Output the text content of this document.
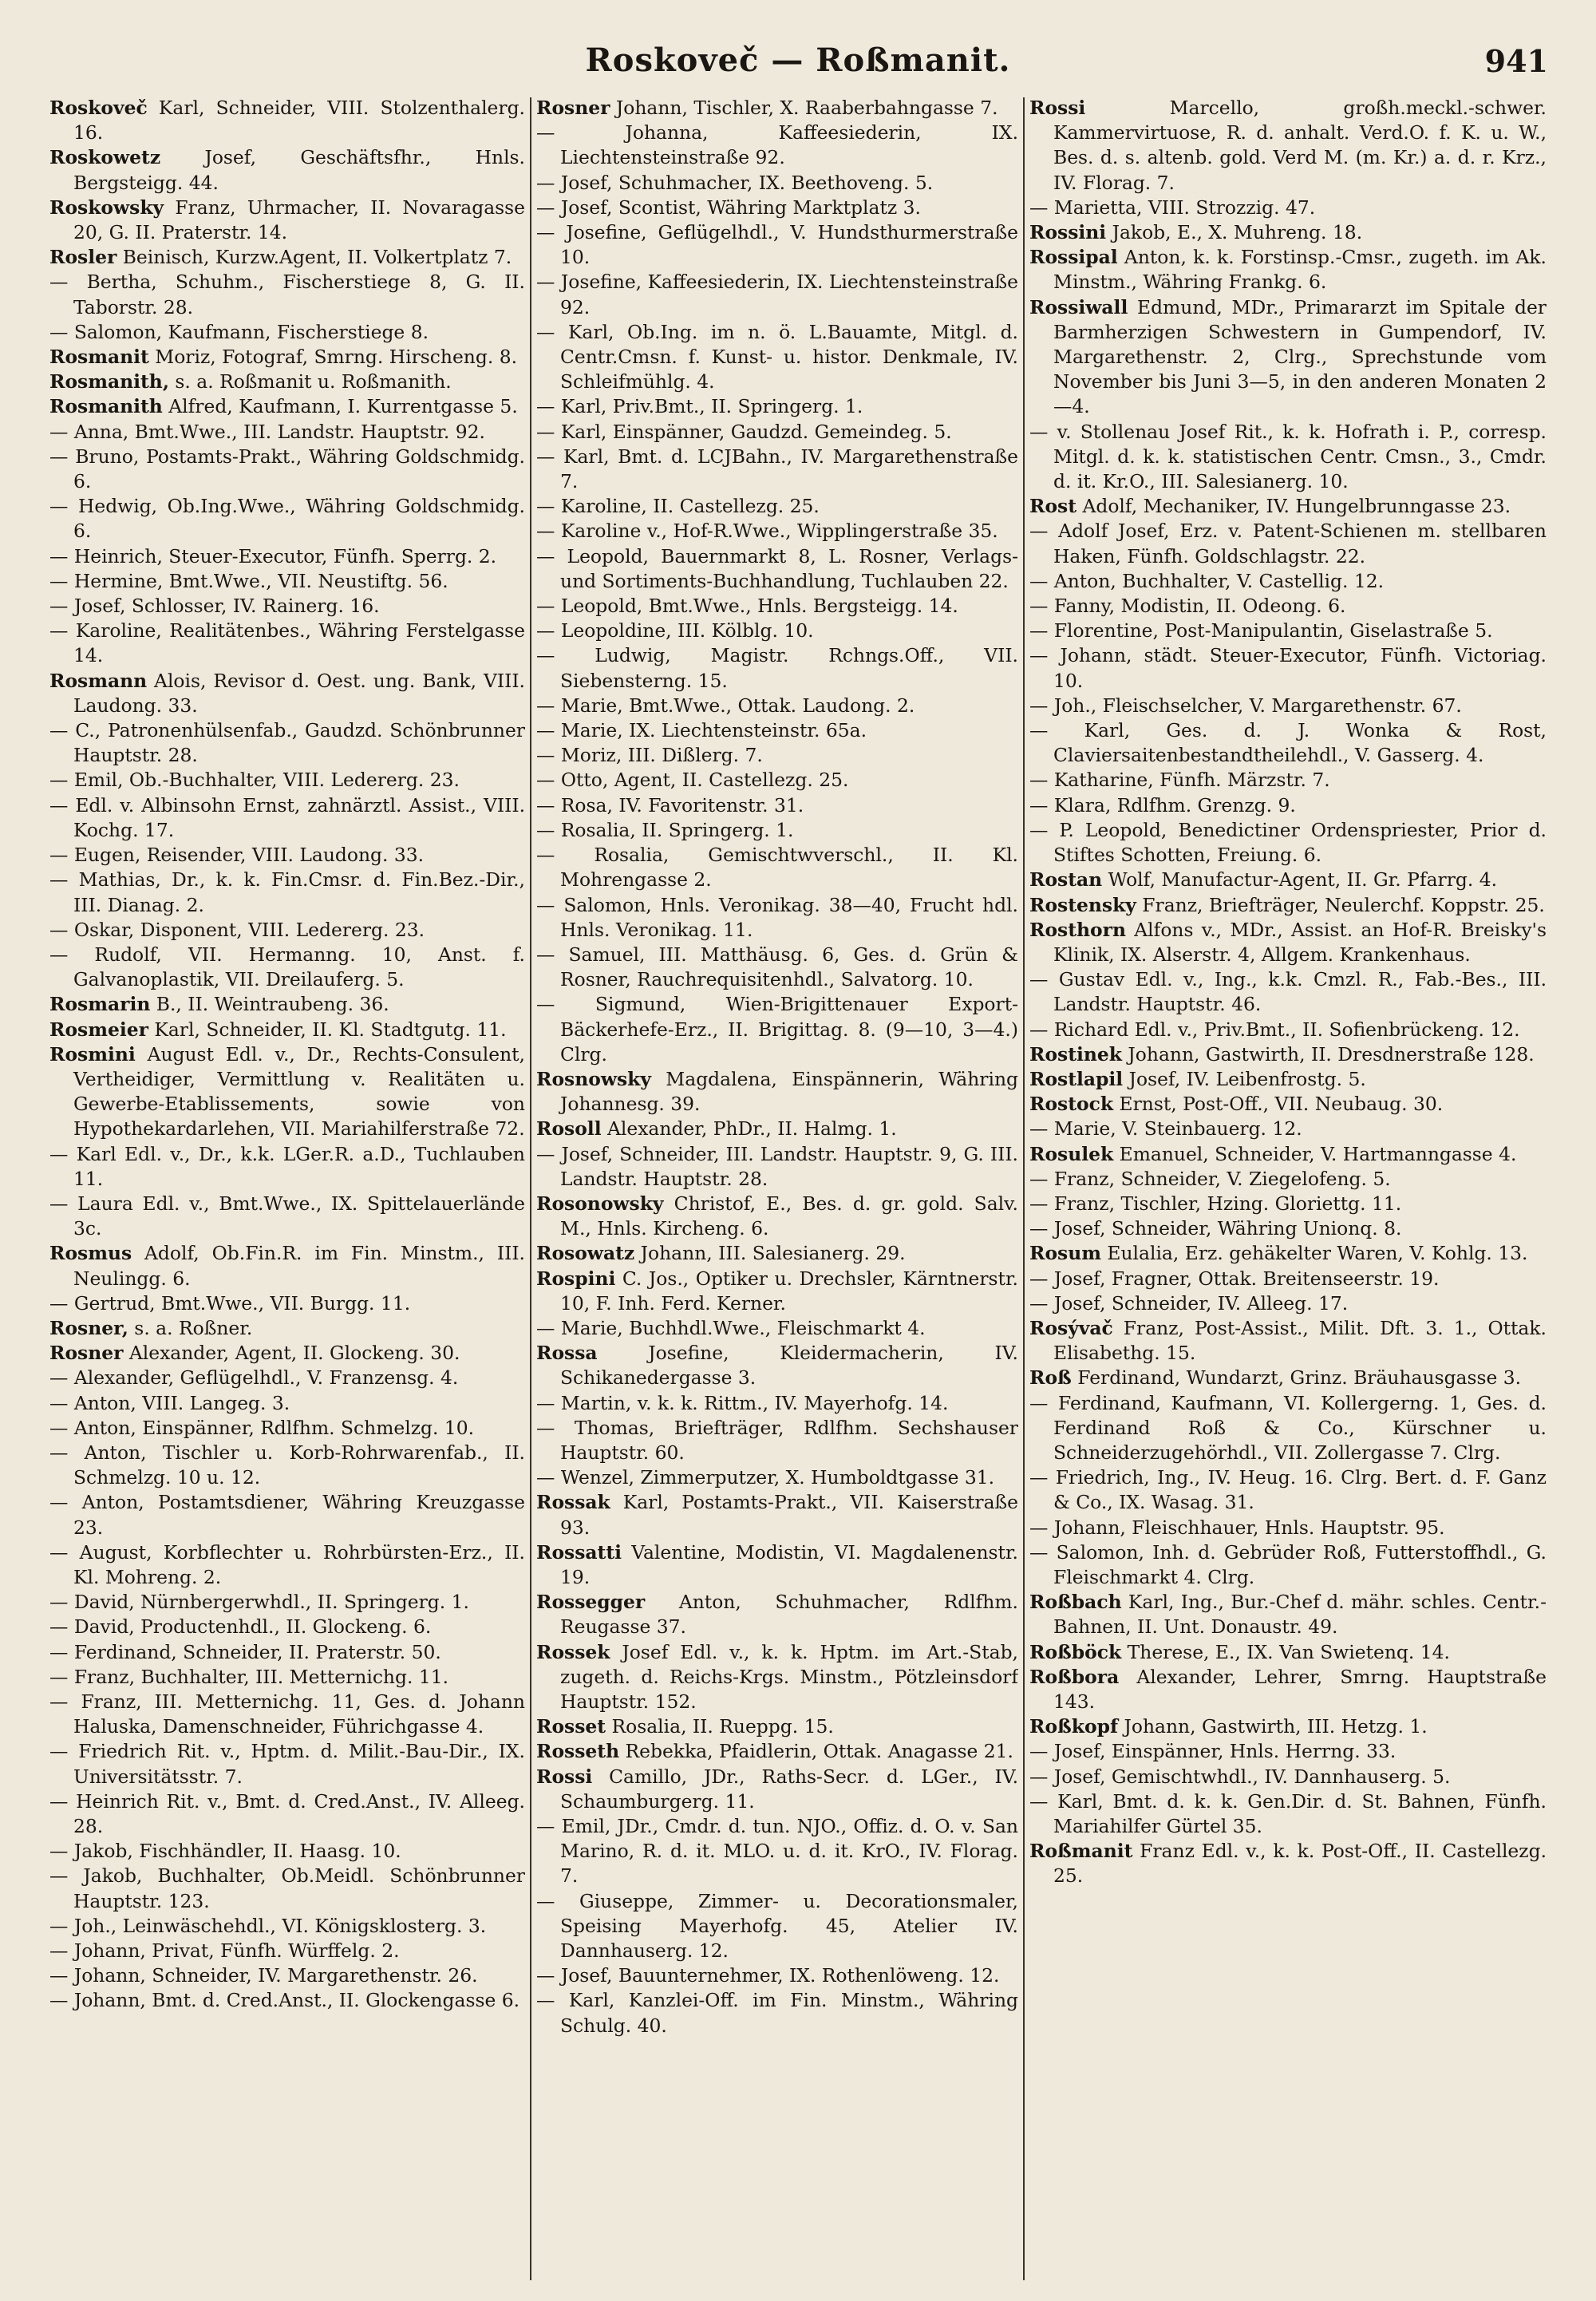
Roskoveč — Roßmanit.	941
Roskoveč Karl, Schneider, VIII. Stolzenthalerg. 16.
Roskowetz Josef, Geschäftsfhr., Hnls. Bergsteigg. 44.
Roskowsky Franz, Uhrmacher, II. Novaragasse 20, G. II. Praterstr. 14.
Rosler Beinisch, Kurzw.Agent, II. Volkertplatz 7.
— Bertha, Schuhm., Fischerstiege 8, G. II. Taborstr. 28.
— Salomon, Kaufmann, Fischerstiege 8.
Rosmanit Moriz, Fotograf, Smrng. Hirscheng. 8.
Rosmanith, s. a. Roßmanit u. Roßmanith.
Rosmanith Alfred, Kaufmann, I. Kurrentgasse 5.
— Anna, Bmt.Wwe., III. Landstr. Hauptstr. 92.
— Bruno, Postamts-Prakt., Währing Goldschmidg. 6.
— Hedwig, Ob.Ing.Wwe., Währing Goldschmidg. 6.
— Heinrich, Steuer-Executor, Fünfh. Sperrg. 2.
— Hermine, Bmt.Wwe., VII. Neustiftg. 56.
— Josef, Schlosser, IV. Rainerg. 16.
— Karoline, Realitätenbes., Währing Ferstelgasse 14.
Rosmann Alois, Revisor d. Oest. ung. Bank, VIII. Laudong. 33.
— C., Patronenhülsenfab., Gaudzd. Schönbrunner Hauptstr. 28.
— Emil, Ob.-Buchhalter, VIII. Ledererg. 23.
— Edl. v. Albinsohn Ernst, zahnärztl. Assist., VIII. Kochg. 17.
— Eugen, Reisender, VIII. Laudong. 33.
— Mathias, Dr., k. k. Fin.Cmsr. d. Fin.Bez.-Dir., III. Dianag. 2.
— Oskar, Disponent, VIII. Ledererg. 23.
— Rudolf, VII. Hermanng. 10, Anst. f. Galvanoplastik, VII. Dreilauferg. 5.
Rosmarin B., II. Weintraubeng. 36.
Rosmeier Karl, Schneider, II. Kl. Stadtgutg. 11.
Rosmini August Edl. v., Dr., Rechts-Consulent, Vertheidiger, Vermittlung v. Realitäten u. Gewerbe-Etablissements, sowie von Hypothekardarlehen, VII. Mariahilferstraße 72.
— Karl Edl. v., Dr., k.k. LGer.R. a.D., Tuchlauben 11.
— Laura Edl. v., Bmt.Wwe., IX. Spittelauerlände 3c.
Rosmus Adolf, Ob.Fin.R. im Fin. Minstm., III. Neulingg. 6.
— Gertrud, Bmt.Wwe., VII. Burgg. 11.
Rosner, s. a. Roßner.
Rosner Alexander, Agent, II. Glockeng. 30.
— Alexander, Geflügelhdl., V. Franzensg. 4.
— Anton, VIII. Langeg. 3.
— Anton, Einspänner, Rdlfhm. Schmelzg. 10.
— Anton, Tischler u. Korb-Rohrwarenfab., II. Schmelzg. 10 u. 12.
— Anton, Postamtsdiener, Währing Kreuzgasse 23.
— August, Korbflechter u. Rohrbürsten-Erz., II. Kl. Mohreng. 2.
— David, Nürnbergerwhdl., II. Springerg. 1.
— David, Productenhdl., II. Glockeng. 6.
— Ferdinand, Schneider, II. Praterstr. 50.
— Franz, Buchhalter, III. Metternichg. 11.
— Franz, III. Metternichg. 11, Ges. d. Johann Haluska, Damenschneider, Führichgasse 4.
— Friedrich Rit. v., Hptm. d. Milit.-Bau-Dir., IX. Universitätsstr. 7.
— Heinrich Rit. v., Bmt. d. Cred.Anst., IV. Alleeg. 28.
— Jakob, Fischhändler, II. Haasg. 10.
— Jakob, Buchhalter, Ob.Meidl. Schönbrunner Hauptstr. 123.
— Joh., Leinwäschehdl., VI. Königsklosterg. 3.
— Johann, Privat, Fünfh. Würffelg. 2.
— Johann, Schneider, IV. Margarethenstr. 26.
— Johann, Bmt. d. Cred.Anst., II. Glockengasse 6.
Rosner Johann, Tischler, X. Raaberbahngasse 7.
— Johanna, Kaffeesiederin, IX. Liechtensteinstraße 92.
— Josef, Schuhmacher, IX. Beethoveng. 5.
— Josef, Scontist, Währing Marktplatz 3.
— Josefine, Geflügelhdl., V. Hundsthurmerstraße 10.
— Josefine, Kaffeesiederin, IX. Liechtensteinstraße 92.
— Karl, Ob.Ing. im n. ö. L.Bauamte, Mitgl. d. Centr.Cmsn. f. Kunst- u. histor. Denkmale, IV. Schleifmühlg. 4.
— Karl, Priv.Bmt., II. Springerg. 1.
— Karl, Einspänner, Gaudzd. Gemeindeg. 5.
— Karl, Bmt. d. LCJBahn., IV. Margarethenstraße 7.
— Karoline, II. Castellezg. 25.
— Karoline v., Hof-R.Wwe., Wipplingerstraße 35.
— Leopold, Bauernmarkt 8, L. Rosner, Verlags- und Sortiments-Buchhandlung, Tuchlauben 22.
— Leopold, Bmt.Wwe., Hnls. Bergsteigg. 14.
— Leopoldine, III. Kölblg. 10.
— Ludwig, Magistr. Rchngs.Off., VII. Siebensterng. 15.
— Marie, Bmt.Wwe., Ottak. Laudong. 2.
— Marie, IX. Liechtensteinstr. 65a.
— Moriz, III. Dißlerg. 7.
— Otto, Agent, II. Castellezg. 25.
— Rosa, IV. Favoritenstr. 31.
— Rosalia, II. Springerg. 1.
— Rosalia, Gemischtwverschl., II. Kl. Mohrengasse 2.
— Salomon, Hnls. Veronikag. 38—40, Frucht hdl. Hnls. Veronikag. 11.
— Samuel, III. Matthäusg. 6, Ges. d. Grün & Rosner, Rauchrequisitenhdl., Salvatorg. 10.
— Sigmund, Wien-Brigittenauer Export-Bäckerhefe-Erz., II. Brigittag. 8. (9—10, 3—4.) Clrg.
Rosnowsky Magdalena, Einspännerin, Währing Johannesg. 39.
Rosoll Alexander, PhDr., II. Halmg. 1.
— Josef, Schneider, III. Landstr. Hauptstr. 9, G. III. Landstr. Hauptstr. 28.
Rosonowsky Christof, E., Bes. d. gr. gold. Salv. M., Hnls. Kircheng. 6.
Rosowatz Johann, III. Salesianerg. 29.
Rospini C. Jos., Optiker u. Drechsler, Kärntnerstr. 10, F. Inh. Ferd. Kerner.
— Marie, Buchhdl.Wwe., Fleischmarkt 4.
Rossa Josefine, Kleidermacherin, IV. Schikanedergasse 3.
— Martin, v. k. k. Rittm., IV. Mayerhofg. 14.
— Thomas, Briefträger, Rdlfhm. Sechshauser Hauptstr. 60.
— Wenzel, Zimmerputzer, X. Humboldtgasse 31.
Rossak Karl, Postamts-Prakt., VII. Kaiserstraße 93.
Rossatti Valentine, Modistin, VI. Magdalenenstr. 19.
Rossegger Anton, Schuhmacher, Rdlfhm. Reugasse 37.
Rossek Josef Edl. v., k. k. Hptm. im Art.-Stab, zugeth. d. Reichs-Krgs. Minstm., Pötzleinsdorf Hauptstr. 152.
Rosset Rosalia, II. Rueppg. 15.
Rosseth Rebekka, Pfaidlerin, Ottak. Anagasse 21.
Rossi Camillo, JDr., Raths-Secr. d. LGer., IV. Schaumburgerg. 11.
— Emil, JDr., Cmdr. d. tun. NJO., Offiz. d. O. v. San Marino, R. d. it. MLO. u. d. it. KrO., IV. Florag. 7.
— Giuseppe, Zimmer- u. Decorationsmaler, Speising Mayerhofg. 45, Atelier IV. Dannhauserg. 12.
— Josef, Bauunternehmer, IX. Rothenlöweng. 12.
— Karl, Kanzlei-Off. im Fin. Minstm., Währing Schulg. 40.
Rossi Marcello, großh.meckl.-schwer. Kammervirtuose, R. d. anhalt. Verd.O. f. K. u. W., Bes. d. s. altenb. gold. Verd M. (m. Kr.) a. d. r. Krz., IV. Florag. 7.
— Marietta, VIII. Strozzig. 47.
Rossini Jakob, E., X. Muhreng. 18.
Rossipal Anton, k. k. Forstinsp.-Cmsr., zugeth. im Ak. Minstm., Währing Frankg. 6.
Rossiwall Edmund, MDr., Primararzt im Spitale der Barmherzigen Schwestern in Gumpendorf, IV. Margarethenstr. 2, Clrg., Sprechstunde vom November bis Juni 3—5, in den anderen Monaten 2—4.
— v. Stollenau Josef Rit., k. k. Hofrath i. P., corresp. Mitgl. d. k. k. statistischen Centr. Cmsn., 3., Cmdr. d. it. Kr.O., III. Salesianerg. 10.
Rost Adolf, Mechaniker, IV. Hungelbrunngasse 23.
— Adolf Josef, Erz. v. Patent-Schienen m. stellbaren Haken, Fünfh. Goldschlagstr. 22.
— Anton, Buchhalter, V. Castellig. 12.
— Fanny, Modistin, II. Odeong. 6.
— Florentine, Post-Manipulantin, Giselastraße 5.
— Johann, städt. Steuer-Executor, Fünfh. Victoriag. 10.
— Joh., Fleischselcher, V. Margarethenstr. 67.
— Karl, Ges. d. J. Wonka & Rost, Claviersaitenbestandtheilehdl., V. Gasserg. 4.
— Katharine, Fünfh. Märzstr. 7.
— Klara, Rdlfhm. Grenzg. 9.
— P. Leopold, Benedictiner Ordenspriester, Prior d. Stiftes Schotten, Freiung. 6.
Rostan Wolf, Manufactur-Agent, II. Gr. Pfarrg. 4.
Rostensky Franz, Briefträger, Neulerchf. Koppstr. 25.
Rosthorn Alfons v., MDr., Assist. an Hof-R. Breisky's Klinik, IX. Alserstr. 4, Allgem. Krankenhaus.
— Gustav Edl. v., Ing., k.k. Cmzl. R., Fab.-Bes., III. Landstr. Hauptstr. 46.
— Richard Edl. v., Priv.Bmt., II. Sofienbrückeng. 12.
Rostinek Johann, Gastwirth, II. Dresdnerstraße 128.
Rostlapil Josef, IV. Leibenfrostg. 5.
Rostock Ernst, Post-Off., VII. Neubaug. 30.
— Marie, V. Steinbauerg. 12.
Rosulek Emanuel, Schneider, V. Hartmanngasse 4.
— Franz, Schneider, V. Ziegelofeng. 5.
— Franz, Tischler, Hzing. Gloriettg. 11.
— Josef, Schneider, Währing Unionq. 8.
Rosum Eulalia, Erz. gehäkelter Waren, V. Kohlg. 13.
— Josef, Fragner, Ottak. Breitenseerstr. 19.
— Josef, Schneider, IV. Alleeg. 17.
Rosývač Franz, Post-Assist., Milit. Dft. 3. 1., Ottak. Elisabethg. 15.
Roß Ferdinand, Wundarzt, Grinz. Bräuhausgasse 3.
— Ferdinand, Kaufmann, VI. Kollergerng. 1, Ges. d. Ferdinand Roß & Co., Kürschner u. Schneiderzugehörhdl., VII. Zollergasse 7. Clrg.
— Friedrich, Ing., IV. Heug. 16. Clrg. Bert. d. F. Ganz & Co., IX. Wasag. 31.
— Johann, Fleischhauer, Hnls. Hauptstr. 95.
— Salomon, Inh. d. Gebrüder Roß, Futterstoffhdl., G. Fleischmarkt 4. Clrg.
Roßbach Karl, Ing., Bur.-Chef d. mähr. schles. Centr.-Bahnen, II. Unt. Donaustr. 49.
Roßböck Therese, E., IX. Van Swietenq. 14.
Roßbora Alexander, Lehrer, Smrng. Hauptstraße 143.
Roßkopf Johann, Gastwirth, III. Hetzg. 1.
— Josef, Einspänner, Hnls. Herrng. 33.
— Josef, Gemischtwhdl., IV. Dannhauserg. 5.
— Karl, Bmt. d. k. k. Gen.Dir. d. St. Bahnen, Fünfh. Mariahilfer Gürtel 35.
Roßmanit Franz Edl. v., k. k. Post-Off., II. Castellezg. 25.
